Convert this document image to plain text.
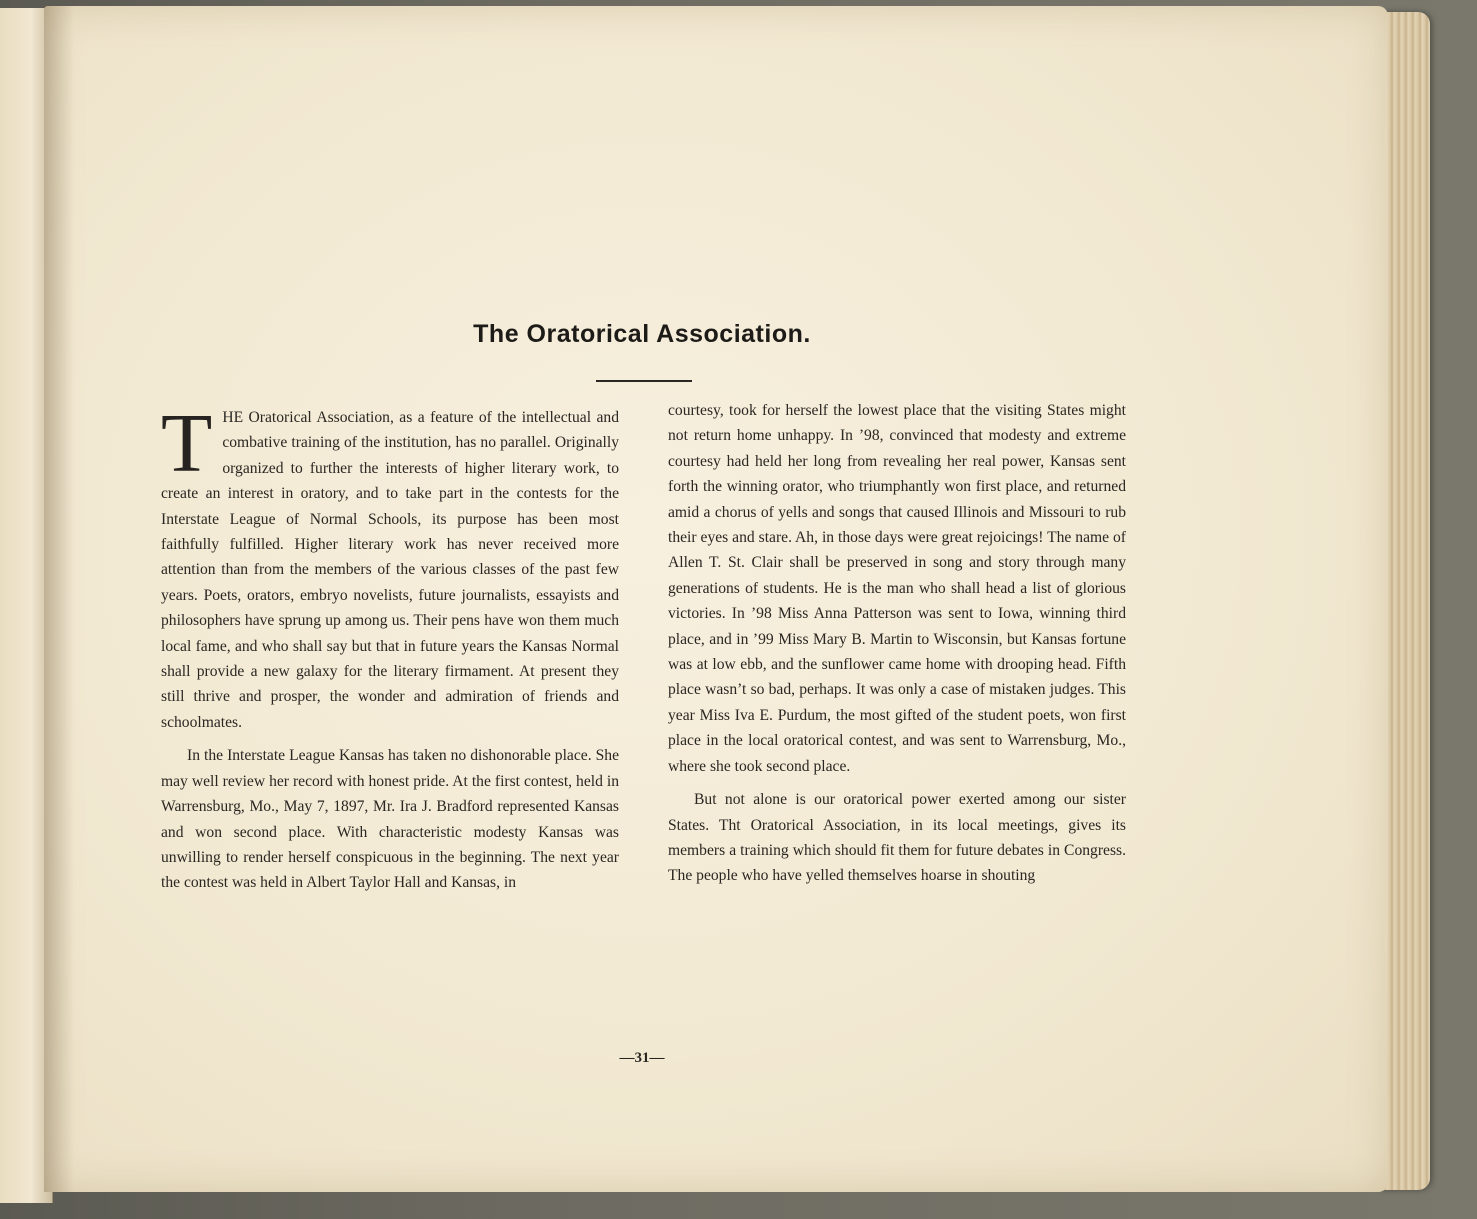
The Oratorical Association.

THE Oratorical Association, as a feature of the intellectual and combative training of the institution, has no parallel. Originally organized to further the interests of higher literary work, to create an interest in oratory, and to take part in the contests for the Interstate League of Normal Schools, its purpose has been most faithfully fulfilled. Higher literary work has never received more attention than from the members of the various classes of the past few years. Poets, orators, embryo novelists, future journalists, essayists and philosophers have sprung up among us. Their pens have won them much local fame, and who shall say but that in future years the Kansas Normal shall provide a new galaxy for the literary firmament. At present they still thrive and prosper, the wonder and admiration of friends and schoolmates.

In the Interstate League Kansas has taken no dishonorable place. She may well review her record with honest pride. At the first contest, held in Warrensburg, Mo., May 7, 1897, Mr. Ira J. Bradford represented Kansas and won second place. With characteristic modesty Kansas was unwilling to render herself conspicuous in the beginning. The next year the contest was held in Albert Taylor Hall and Kansas, in

courtesy, took for herself the lowest place that the visiting States might not return home unhappy. In ’98, convinced that modesty and extreme courtesy had held her long from revealing her real power, Kansas sent forth the winning orator, who triumphantly won first place, and returned amid a chorus of yells and songs that caused Illinois and Missouri to rub their eyes and stare. Ah, in those days were great rejoicings! The name of Allen T. St. Clair shall be preserved in song and story through many generations of students. He is the man who shall head a list of glorious victories. In ’98 Miss Anna Patterson was sent to Iowa, winning third place, and in ’99 Miss Mary B. Martin to Wisconsin, but Kansas fortune was at low ebb, and the sunflower came home with drooping head. Fifth place wasn’t so bad, perhaps. It was only a case of mistaken judges. This year Miss Iva E. Purdum, the most gifted of the student poets, won first place in the local oratorical contest, and was sent to Warrensburg, Mo., where she took second place.

But not alone is our oratorical power exerted among our sister States. Tht Oratorical Association, in its local meetings, gives its members a training which should fit them for future debates in Congress. The people who have yelled themselves hoarse in shouting

—31—
